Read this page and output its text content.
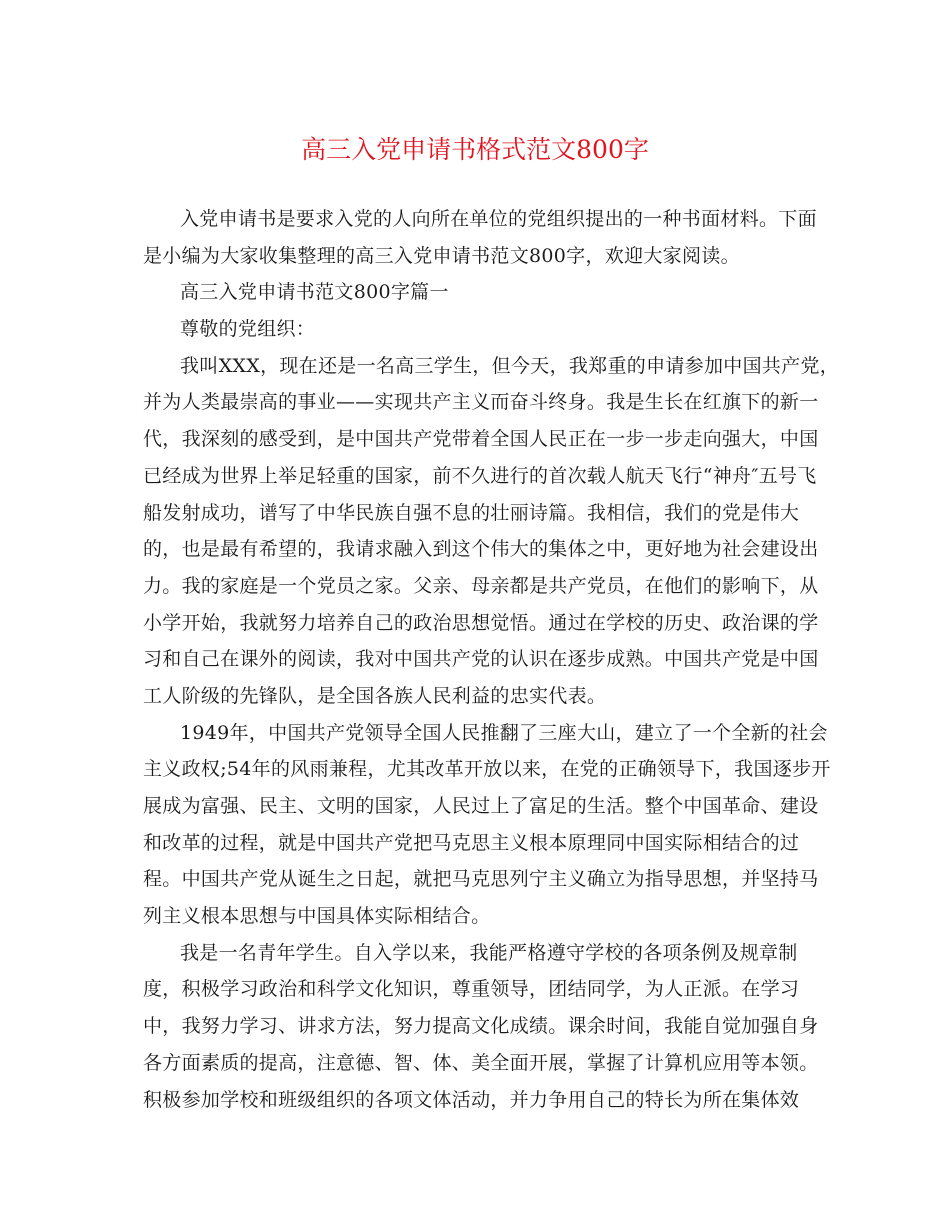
高三入党申请书格式范文800字
入党申请书是要求入党的人向所在单位的党组织提出的一种书面材料。下面
是小编为大家收集整理的高三入党申请书范文800字，欢迎大家阅读。
高三入党申请书范文800字篇一
尊敬的党组织：
我叫XXX，现在还是一名高三学生，但今天，我郑重的申请参加中国共产党，
并为人类最崇高的事业——实现共产主义而奋斗终身。我是生长在红旗下的新一
代，我深刻的感受到，是中国共产党带着全国人民正在一步一步走向强大，中国
已经成为世界上举足轻重的国家，前不久进行的首次载人航天飞行“神舟″五号飞
船发射成功，谱写了中华民族自强不息的壮丽诗篇。我相信，我们的党是伟大
的，也是最有希望的，我请求融入到这个伟大的集体之中，更好地为社会建设出
力。我的家庭是一个党员之家。父亲、母亲都是共产党员，在他们的影响下，从
小学开始，我就努力培养自己的政治思想觉悟。通过在学校的历史、政治课的学
习和自己在课外的阅读，我对中国共产党的认识在逐步成熟。中国共产党是中国
工人阶级的先锋队，是全国各族人民利益的忠实代表。
1949年，中国共产党领导全国人民推翻了三座大山，建立了一个全新的社会
主义政权;54年的风雨兼程，尤其改革开放以来，在党的正确领导下，我国逐步开
展成为富强、民主、文明的国家，人民过上了富足的生活。整个中国革命、建设
和改革的过程，就是中国共产党把马克思主义根本原理同中国实际相结合的过
程。中国共产党从诞生之日起，就把马克思列宁主义确立为指导思想，并坚持马
列主义根本思想与中国具体实际相结合。
我是一名青年学生。自入学以来，我能严格遵守学校的各项条例及规章制
度，积极学习政治和科学文化知识，尊重领导，团结同学，为人正派。在学习
中，我努力学习、讲求方法，努力提高文化成绩。课余时间，我能自觉加强自身
各方面素质的提高，注意德、智、体、美全面开展，掌握了计算机应用等本领。
积极参加学校和班级组织的各项文体活动，并力争用自己的特长为所在集体效
